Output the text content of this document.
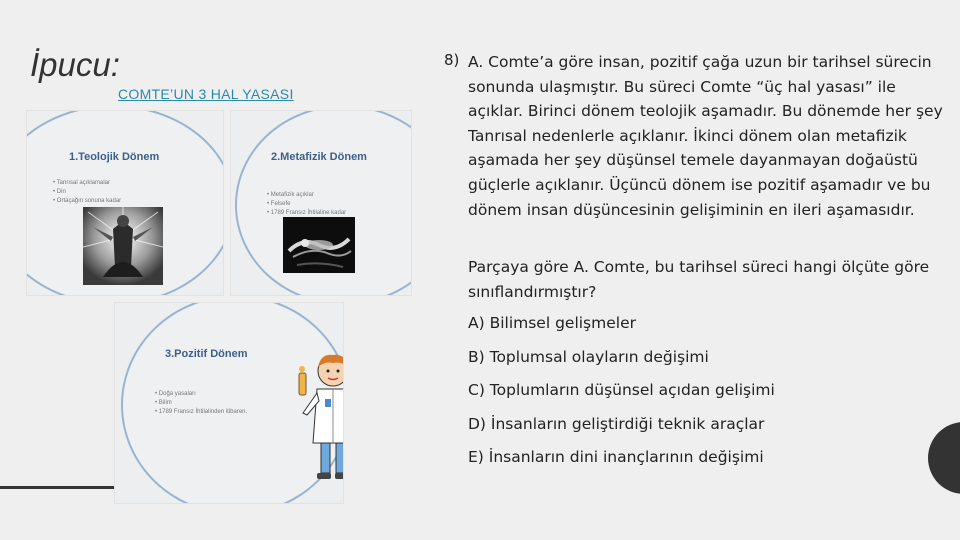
İpucu:
COMTE’UN 3 HAL YASASI
1.Teolojik Dönem
• Tanrısal açıklamalar
• Din
• Ortaçağın sonuna kadar
2.Metafizik Dönem
• Metafizik açıklar
• Felsefe
• 1789 Fransız İhtilaline kadar
3.Pozitif Dönem
• Doğa yasaları
• Bilim
• 1789 Fransız İhtilalinden itibaren.
8) A. Comte’a göre insan, pozitif çağa uzun bir tarihsel sürecin sonunda ulaşmıştır. Bu süreci Comte “üç hal yasası” ile açıklar. Birinci dönem teolojik aşamadır. Bu dönemde her şey Tanrısal nedenlerle açıklanır. İkinci dönem olan metafizik aşamada her şey düşünsel temele dayanmayan doğaüstü güçlerle açıklanır. Üçüncü dönem ise pozitif aşamadır ve bu dönem insan düşüncesinin gelişiminin en ileri aşamasıdır.
Parçaya göre A. Comte, bu tarihsel süreci hangi ölçüte göre sınıflandırmıştır?
A) Bilimsel gelişmeler
B) Toplumsal olayların değişimi
C) Toplumların düşünsel açıdan gelişimi
D) İnsanların geliştirdiği teknik araçlar
E) İnsanların dini inançlarının değişimi
